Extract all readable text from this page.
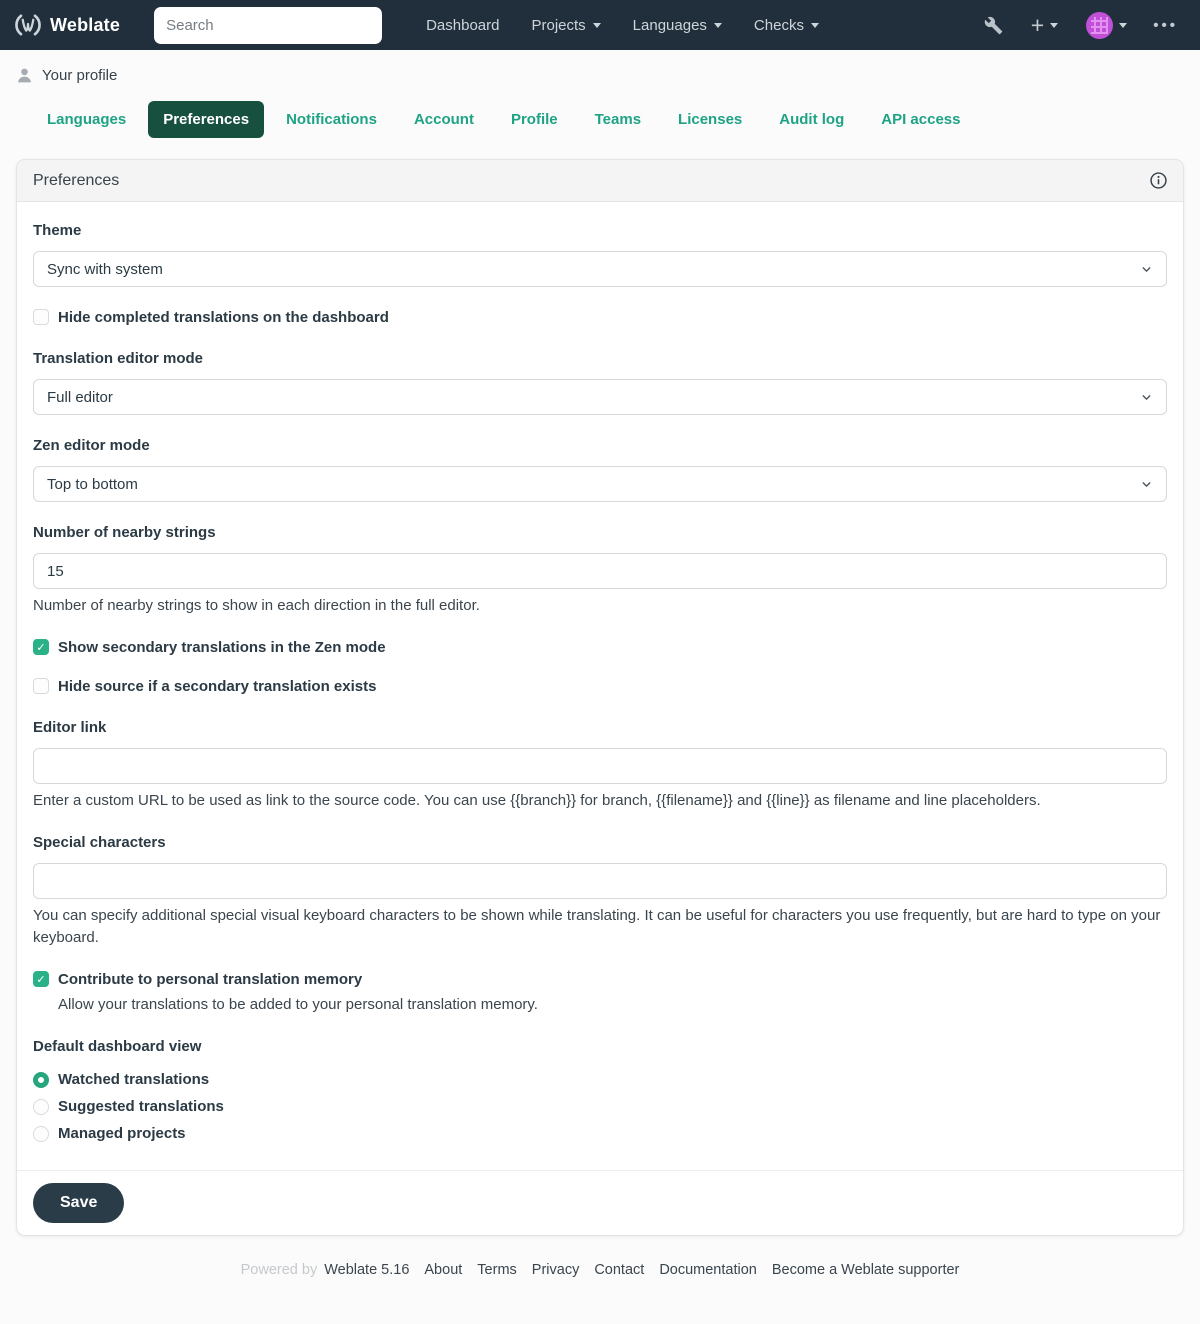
Weblate
Search	Dashboard Projects	Languages	Checks	+	•••
Your profile
Languages	Preferences	Notifications	Account	Profile	Teams	Licenses	Audit log	API access
Preferences
Theme
Sync with system
Hide completed translations on the dashboard
Translation editor mode
Full editor
Zen editor mode
Top to bottom
Number of nearby strings
15
Number of nearby strings to show in each direction in the full editor.
✓ Show secondary translations in the Zen mode
Hide source if a secondary translation exists
Editor link
Enter a custom URL to be used as link to the source code. You can use {{branch}} for branch, {{filename}} and {{line}} as filename and line placeholders.
Special characters
You can specify additional special visual keyboard characters to be shown while translating. It can be useful for characters you use frequently, but are hard to type on your keyboard.
✓ Contribute to personal translation memory
Allow your translations to be added to your personal translation memory.
Default dashboard view
Watched translations
Suggested translations
Managed projects
Save
Powered by Weblate 5.16 About Terms Privacy Contact Documentation Become a Weblate supporter
